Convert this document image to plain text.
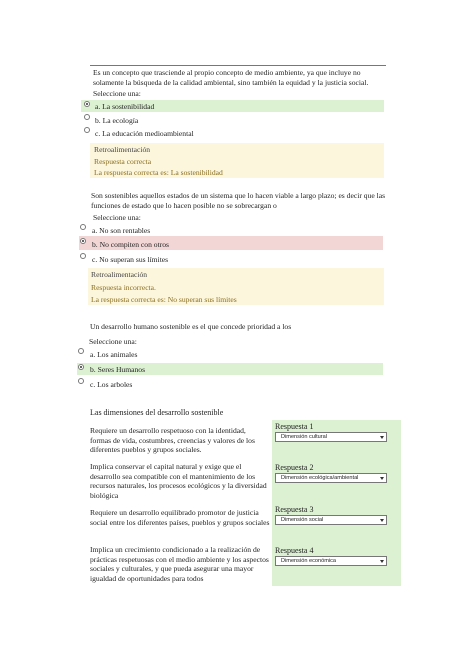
Es un concepto que trasciende al propio concepto de medio ambiente, ya que incluye no solamente la búsqueda de la calidad ambiental, sino también la equidad y la justicia social.
Seleccione una:
a. La sostenibilidad
b. La ecología
c. La educación medioambiental
Retroalimentación
Respuesta correcta
La respuesta correcta es: La sostenibilidad
Son sostenibles aquellos estados de un sistema que lo hacen viable a largo plazo; es decir que las funciones de estado que lo hacen posible no se sobrecargan o
Seleccione una:
a. No son rentables
b. No compiten con otros
c. No superan sus límites
Retroalimentación
Respuesta incorrecta.
La respuesta correcta es: No superan sus límites
Un desarrollo humano sostenible es el que concede prioridad a los
Seleccione una:
a. Los animales
b. Seres Humanos
c. Los arboles
Las dimensiones del desarrollo sostenible
Requiere un desarrollo respetuoso con la identidad, formas de vida, costumbres, creencias y valores de los diferentes pueblos y grupos sociales.
Respuesta 1
Dimensión cultural
Implica conservar el capital natural y exige que el desarrollo sea compatible con el mantenimiento de los recursos naturales, los procesos ecológicos y la diversidad biológica
Respuesta 2
Dimensión ecológica/ambiental
Requiere un desarrollo equilibrado promotor de justicia social entre los diferentes países, pueblos y grupos sociales
Respuesta 3
Dimensión social
Implica un crecimiento condicionado a la realización de prácticas respetuosas con el medio ambiente y los aspectos sociales y culturales, y que pueda asegurar una mayor igualdad de oportunidades para todos
Respuesta 4
Dimensión económica
